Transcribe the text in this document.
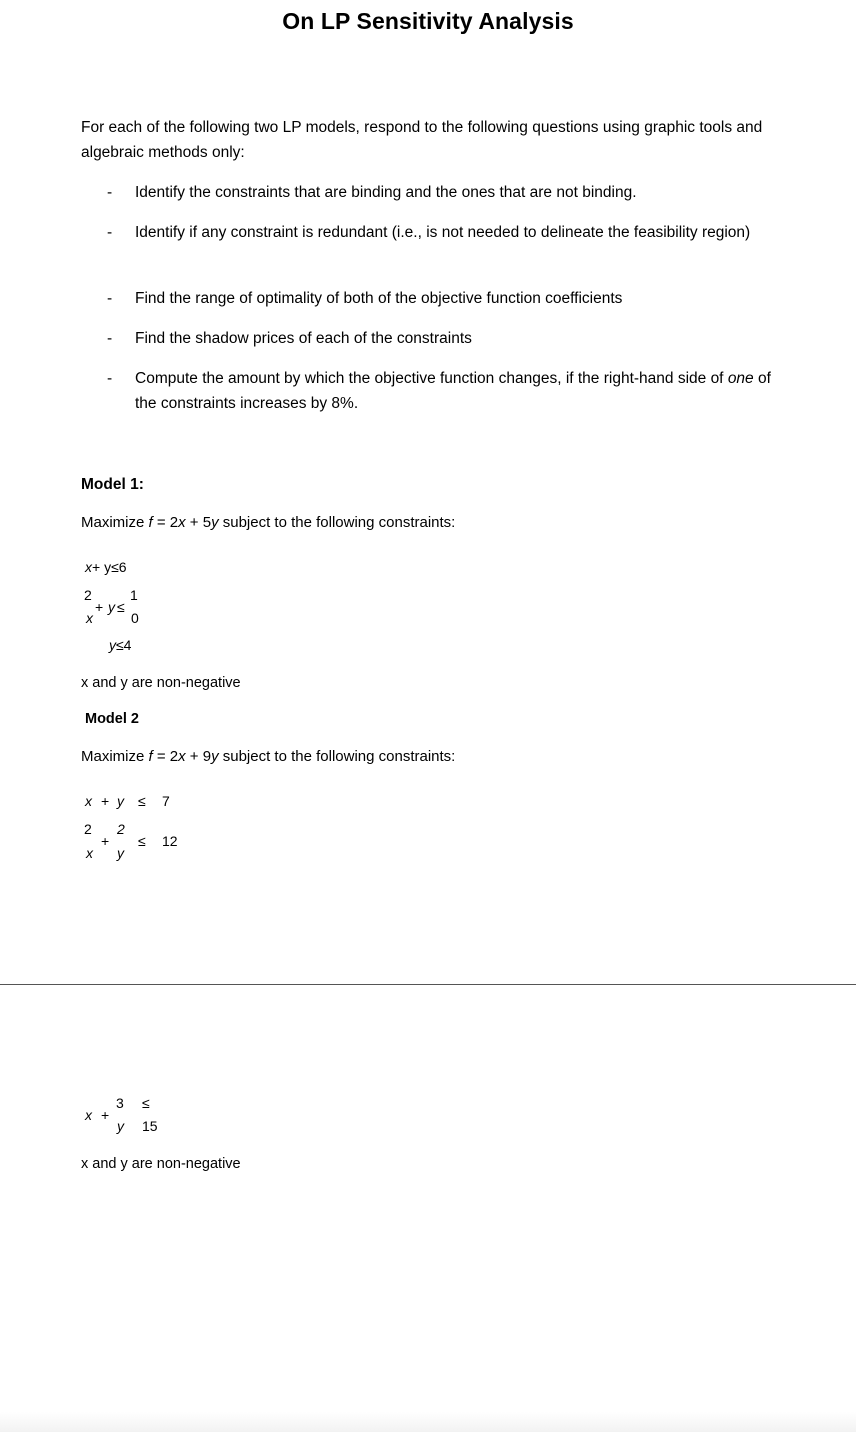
On LP Sensitivity Analysis
For each of the following two LP models, respond to the following questions using graphic tools and algebraic methods only:
- Identify the constraints that are binding and the ones that are not binding.
- Identify if any constraint is redundant (i.e., is not needed to delineate the feasibility region)
- Find the range of optimality of both of the objective function coefficients
- Find the shadow prices of each of the constraints
- Compute the amount by which the objective function changes, if the right-hand side of one of the constraints increases by 8%.
Model 1:
Maximize f = 2x + 5y subject to the following constraints:
x+ y≤6
2
x
+ y ≤
1
0
y≤4
x and y are non-negative
Model 2
Maximize f = 2x + 9y subject to the following constraints:
x + y ≤ 7
2
x
+
2
y
≤ 12
x +
3
y
≤
15
x and y are non-negative
